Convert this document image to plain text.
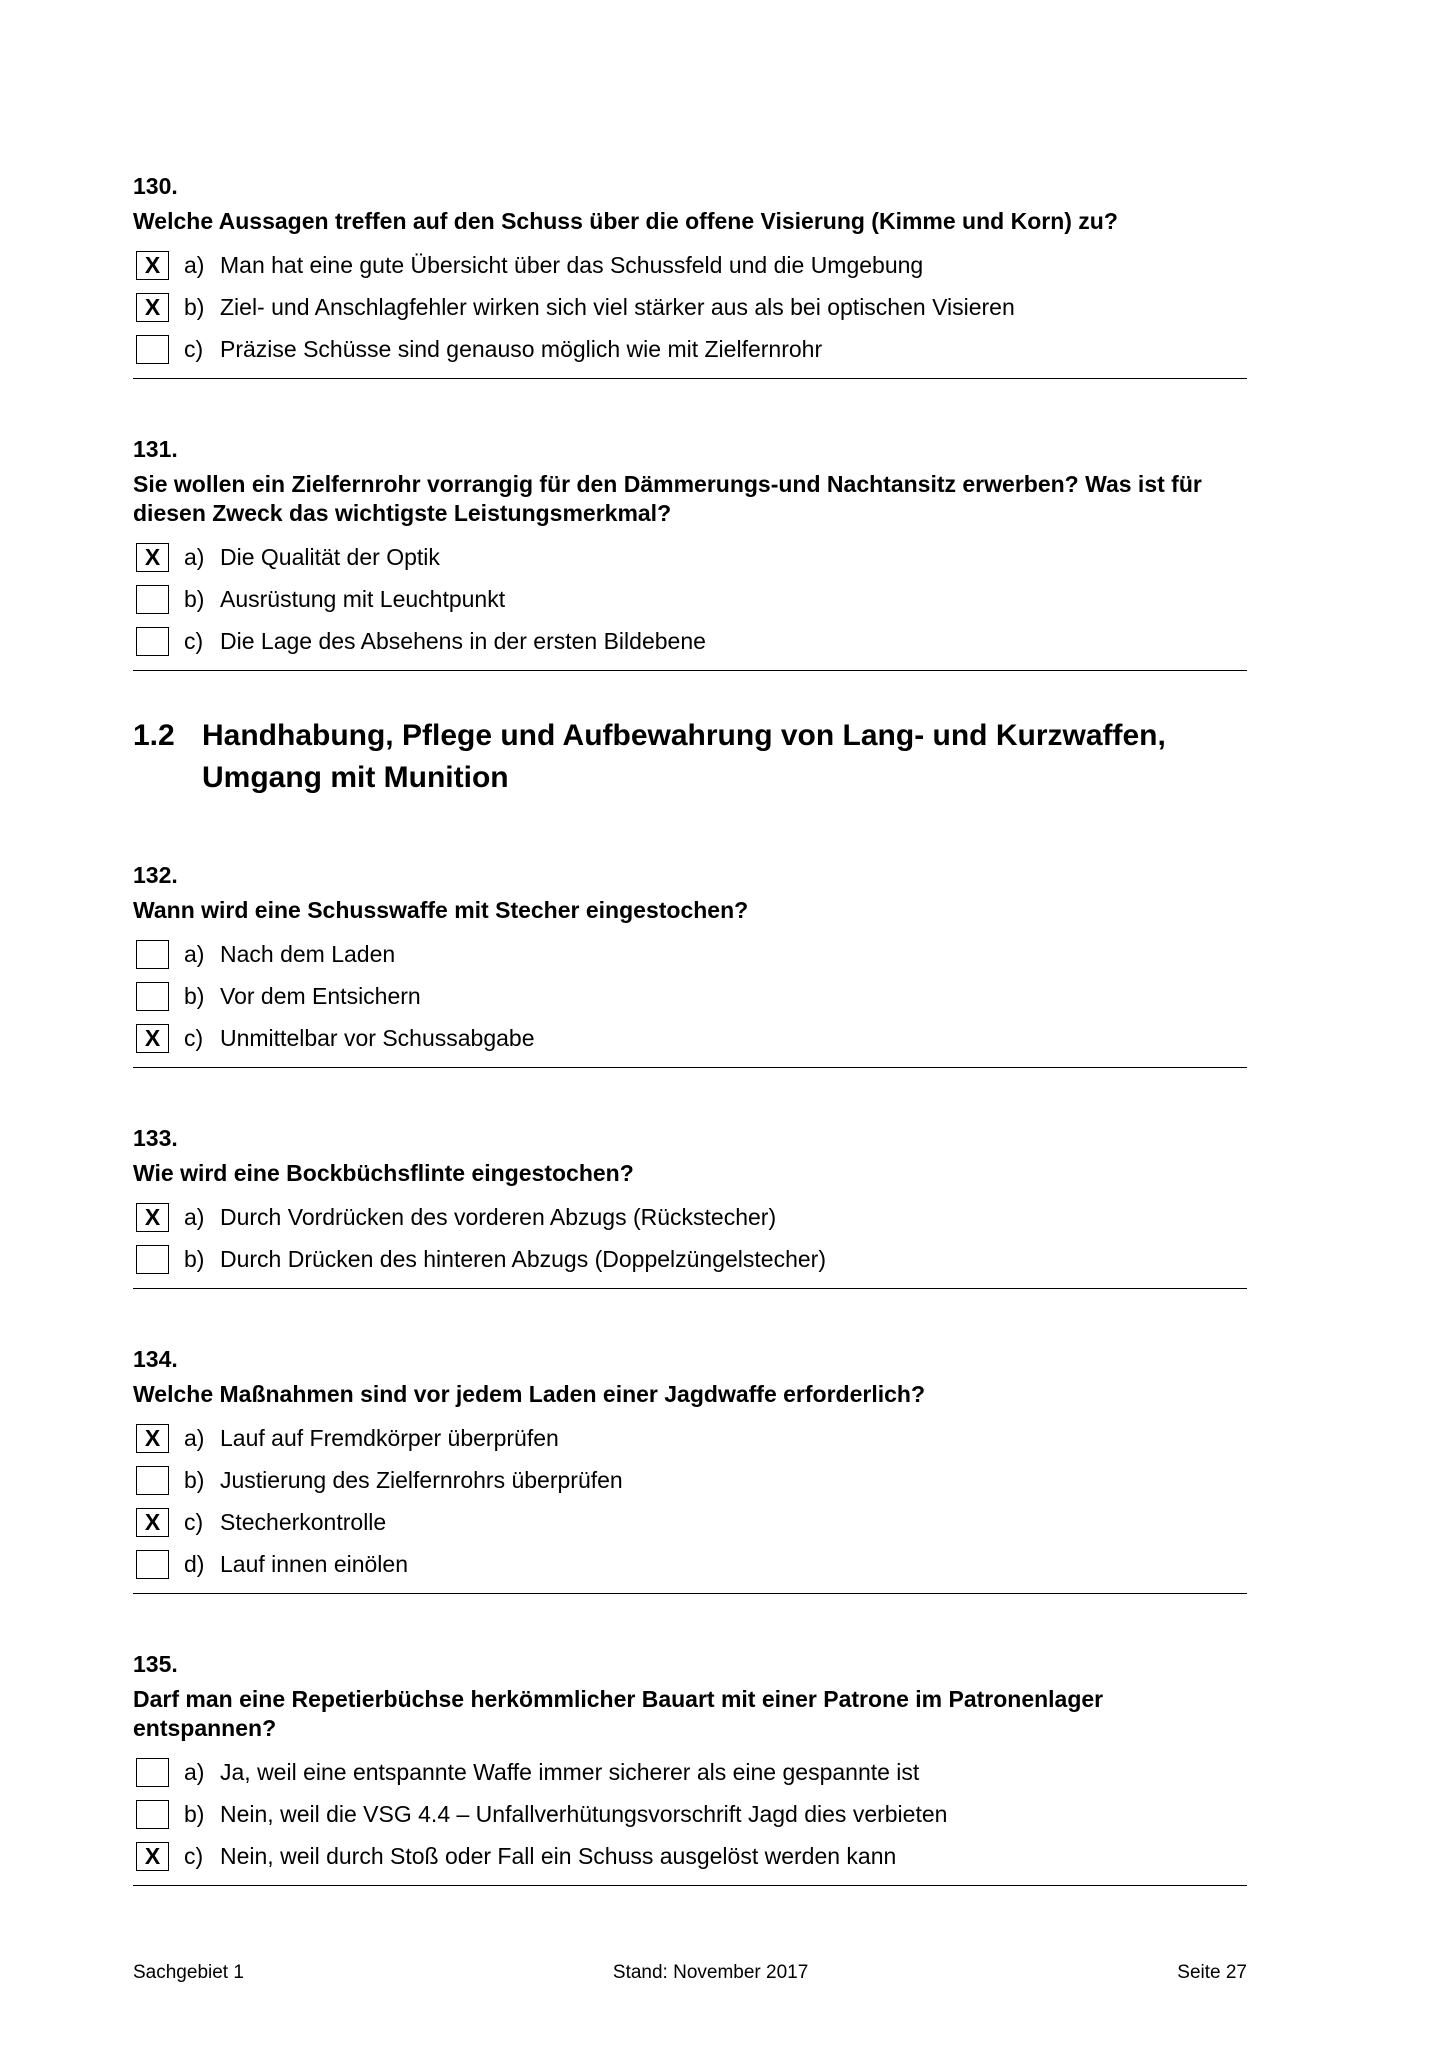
130.
Welche Aussagen treffen auf den Schuss über die offene Visierung (Kimme und Korn) zu?
X	a) Man hat eine gute Übersicht über das Schussfeld und die Umgebung
X	b) Ziel- und Anschlagfehler wirken sich viel stärker aus als bei optischen Visieren
c) Präzise Schüsse sind genauso möglich wie mit Zielfernrohr
131.
Sie wollen ein Zielfernrohr vorrangig für den Dämmerungs-und Nachtansitz erwerben? Was ist für diesen Zweck das wichtigste Leistungsmerkmal?
X	a) Die Qualität der Optik
b) Ausrüstung mit Leuchtpunkt
c) Die Lage des Absehens in der ersten Bildebene
1.2 Handhabung, Pflege und Aufbewahrung von Lang- und Kurzwaffen,
Umgang mit Munition
132.
Wann wird eine Schusswaffe mit Stecher eingestochen?
a) Nach dem Laden
b) Vor dem Entsichern
X	c) Unmittelbar vor Schussabgabe
133.
Wie wird eine Bockbüchsflinte eingestochen?
X	a) Durch Vordrücken des vorderen Abzugs (Rückstecher)
b) Durch Drücken des hinteren Abzugs (Doppelzüngelstecher)
134.
Welche Maßnahmen sind vor jedem Laden einer Jagdwaffe erforderlich?
X	a) Lauf auf Fremdkörper überprüfen
b) Justierung des Zielfernrohrs überprüfen
X	c) Stecherkontrolle
d) Lauf innen einölen
135.
Darf man eine Repetierbüchse herkömmlicher Bauart mit einer Patrone im Patronenlager entspannen?
a) Ja, weil eine entspannte Waffe immer sicherer als eine gespannte ist
b) Nein, weil die VSG 4.4 – Unfallverhütungsvorschrift Jagd dies verbieten
X	c) Nein, weil durch Stoß oder Fall ein Schuss ausgelöst werden kann
Sachgebiet 1	Stand: November 2017	Seite 27
